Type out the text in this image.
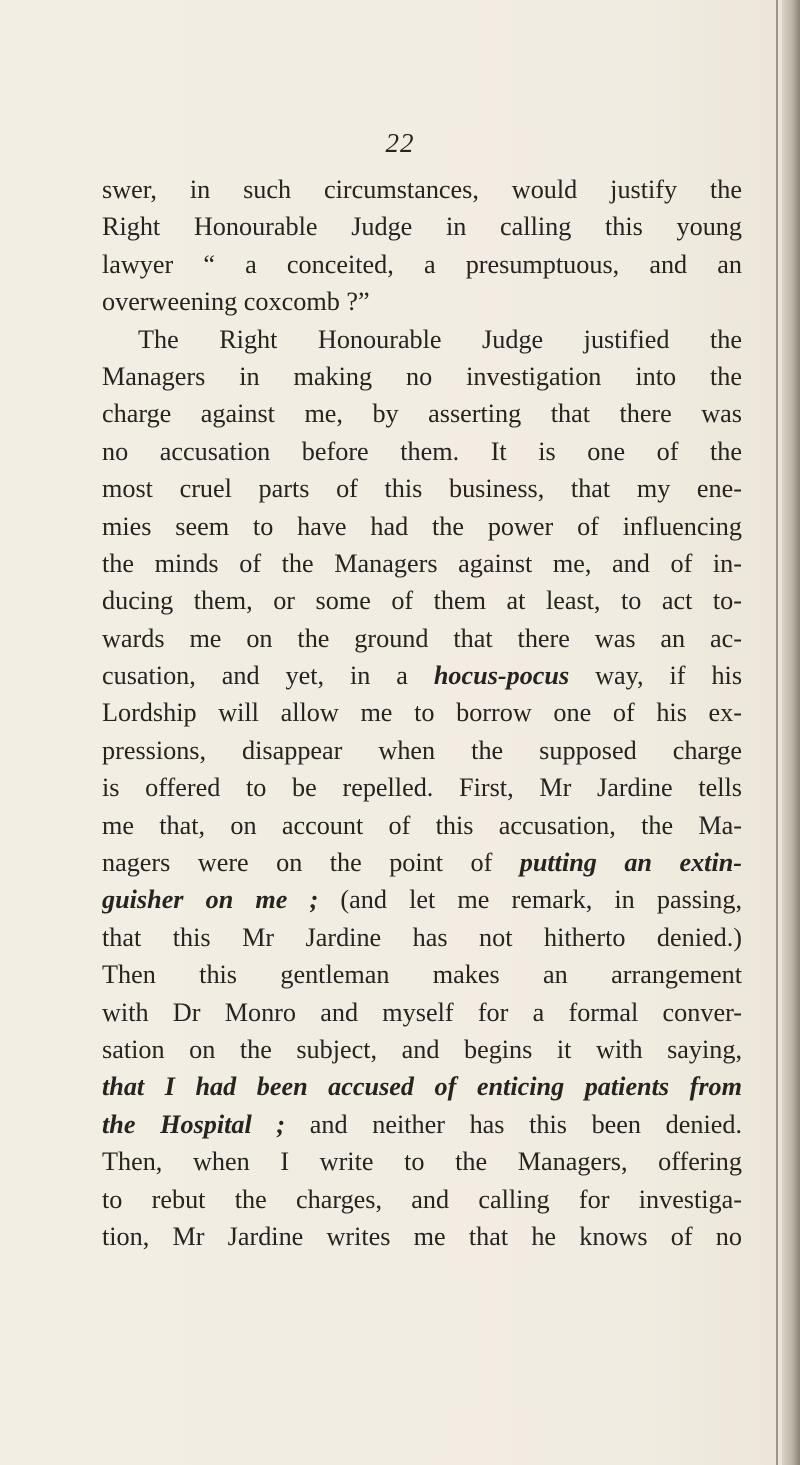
22
swer, in such circumstances, would justify the
Right Honourable Judge in calling this young
lawyer “ a conceited, a presumptuous, and an
overweening coxcomb ?”
The Right Honourable Judge justified the
Managers in making no investigation into the
charge against me, by asserting that there was
no accusation before them. It is one of the
most cruel parts of this business, that my ene-
mies seem to have had the power of influencing
the minds of the Managers against me, and of in-
ducing them, or some of them at least, to act to-
wards me on the ground that there was an ac-
cusation, and yet, in a hocus-pocus way, if his
Lordship will allow me to borrow one of his ex-
pressions, disappear when the supposed charge
is offered to be repelled. First, Mr Jardine tells
me that, on account of this accusation, the Ma-
nagers were on the point of putting an extin-
guisher on me ; (and let me remark, in passing,
that this Mr Jardine has not hitherto denied.)
Then this gentleman makes an arrangement
with Dr Monro and myself for a formal conver-
sation on the subject, and begins it with saying,
that I had been accused of enticing patients from
the Hospital ; and neither has this been denied.
Then, when I write to the Managers, offering
to rebut the charges, and calling for investiga-
tion, Mr Jardine writes me that he knows of no
